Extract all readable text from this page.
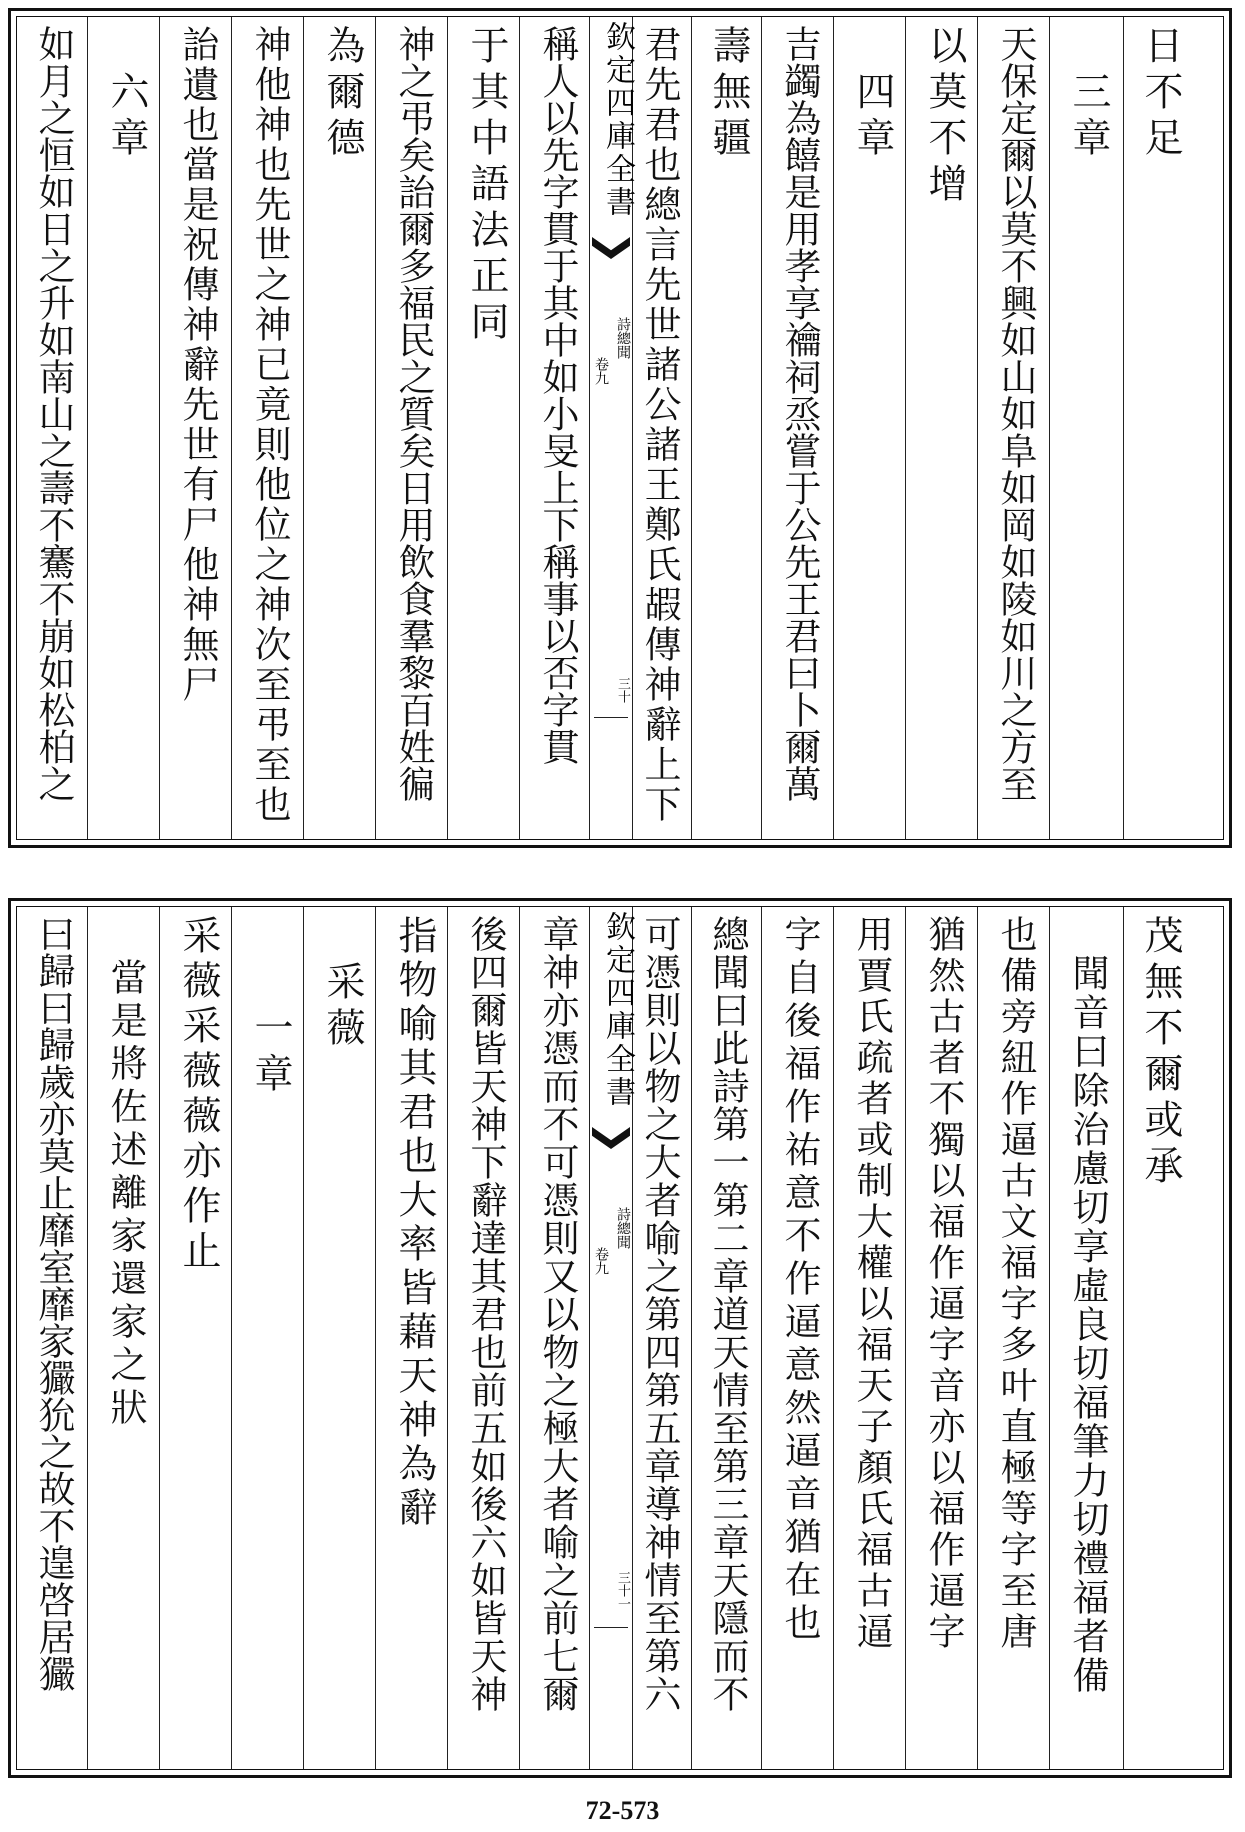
日不足
　三章
天保定爾以莫不興如山如阜如岡如陵如川之方至
以莫不增
　四章
吉蠲為饎是用孝享禴祠烝嘗于公先王君曰卜爾萬
壽無疆
君先君也總言先世諸公諸王鄭氏嘏傳神辭上下
欽定四庫全書
詩總聞
卷九
三十
稱人以先字貫于其中如小旻上下稱事以否字貫
于其中語法正同
神之弔矣詒爾多福民之質矣日用飲食羣黎百姓徧
為爾德
神他神也先世之神已竟則他位之神次至弔至也
詒遺也當是祝傳神辭先世有尸他神無尸
　六章
如月之恒如日之升如南山之壽不騫不崩如松柏之
茂無不爾或承
　聞音曰除治慮切享虛良切福筆力切禮福者備
也備旁紐作逼古文福字多叶直極等字至唐
猶然古者不獨以福作逼字音亦以福作逼字
用賈氏疏者或制大權以福天子顏氏福古逼
字自後福作祐意不作逼意然逼音猶在也
總聞曰此詩第一第二章道天情至第三章天隱而不
可憑則以物之大者喻之第四第五章導神情至第六
欽定四庫全書
詩總聞
卷九
三十一
章神亦憑而不可憑則又以物之極大者喻之前七爾
後四爾皆天神下辭達其君也前五如後六如皆天神
指物喻其君也大率皆藉天神為辭
　采薇
　　一章
采薇采薇薇亦作止
　當是將佐述離家還家之狀
曰歸曰歸歲亦莫止靡室靡家玁狁之故不遑啓居玁
72-573
